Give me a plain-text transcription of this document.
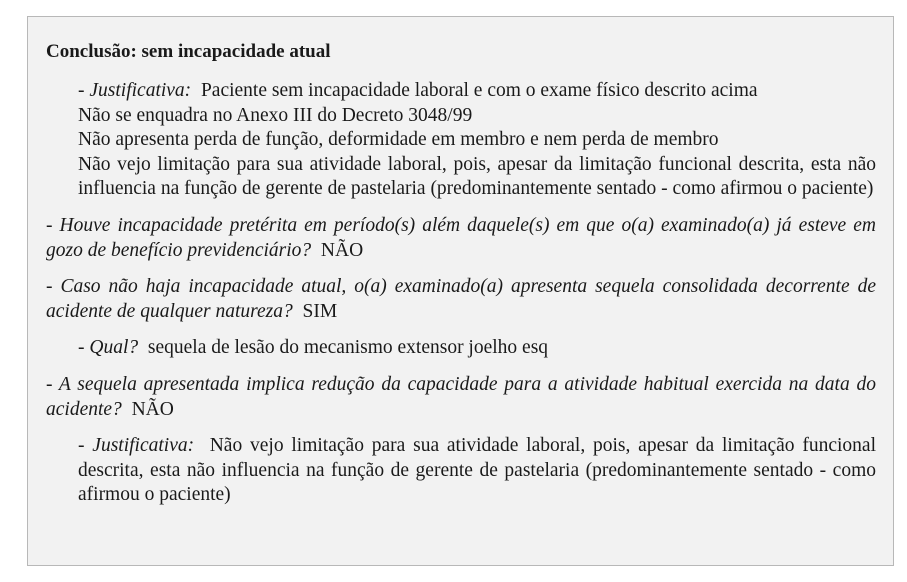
Conclusão: sem incapacidade atual
- Justificativa: Paciente sem incapacidade laboral e com o exame físico descrito acima
Não se enquadra no Anexo III do Decreto 3048/99
Não apresenta perda de função, deformidade em membro e nem perda de membro
Não vejo limitação para sua atividade laboral, pois, apesar da limitação funcional descrita, esta não influencia na função de gerente de pastelaria (predominantemente sentado - como afirmou o paciente)
- Houve incapacidade pretérita em período(s) além daquele(s) em que o(a) examinado(a) já esteve em gozo de benefício previdenciário? NÃO
- Caso não haja incapacidade atual, o(a) examinado(a) apresenta sequela consolidada decorrente de acidente de qualquer natureza? SIM
- Qual? sequela de lesão do mecanismo extensor joelho esq
- A sequela apresentada implica redução da capacidade para a atividade habitual exercida na data do acidente? NÃO
- Justificativa: Não vejo limitação para sua atividade laboral, pois, apesar da limitação funcional descrita, esta não influencia na função de gerente de pastelaria (predominantemente sentado - como afirmou o paciente)
